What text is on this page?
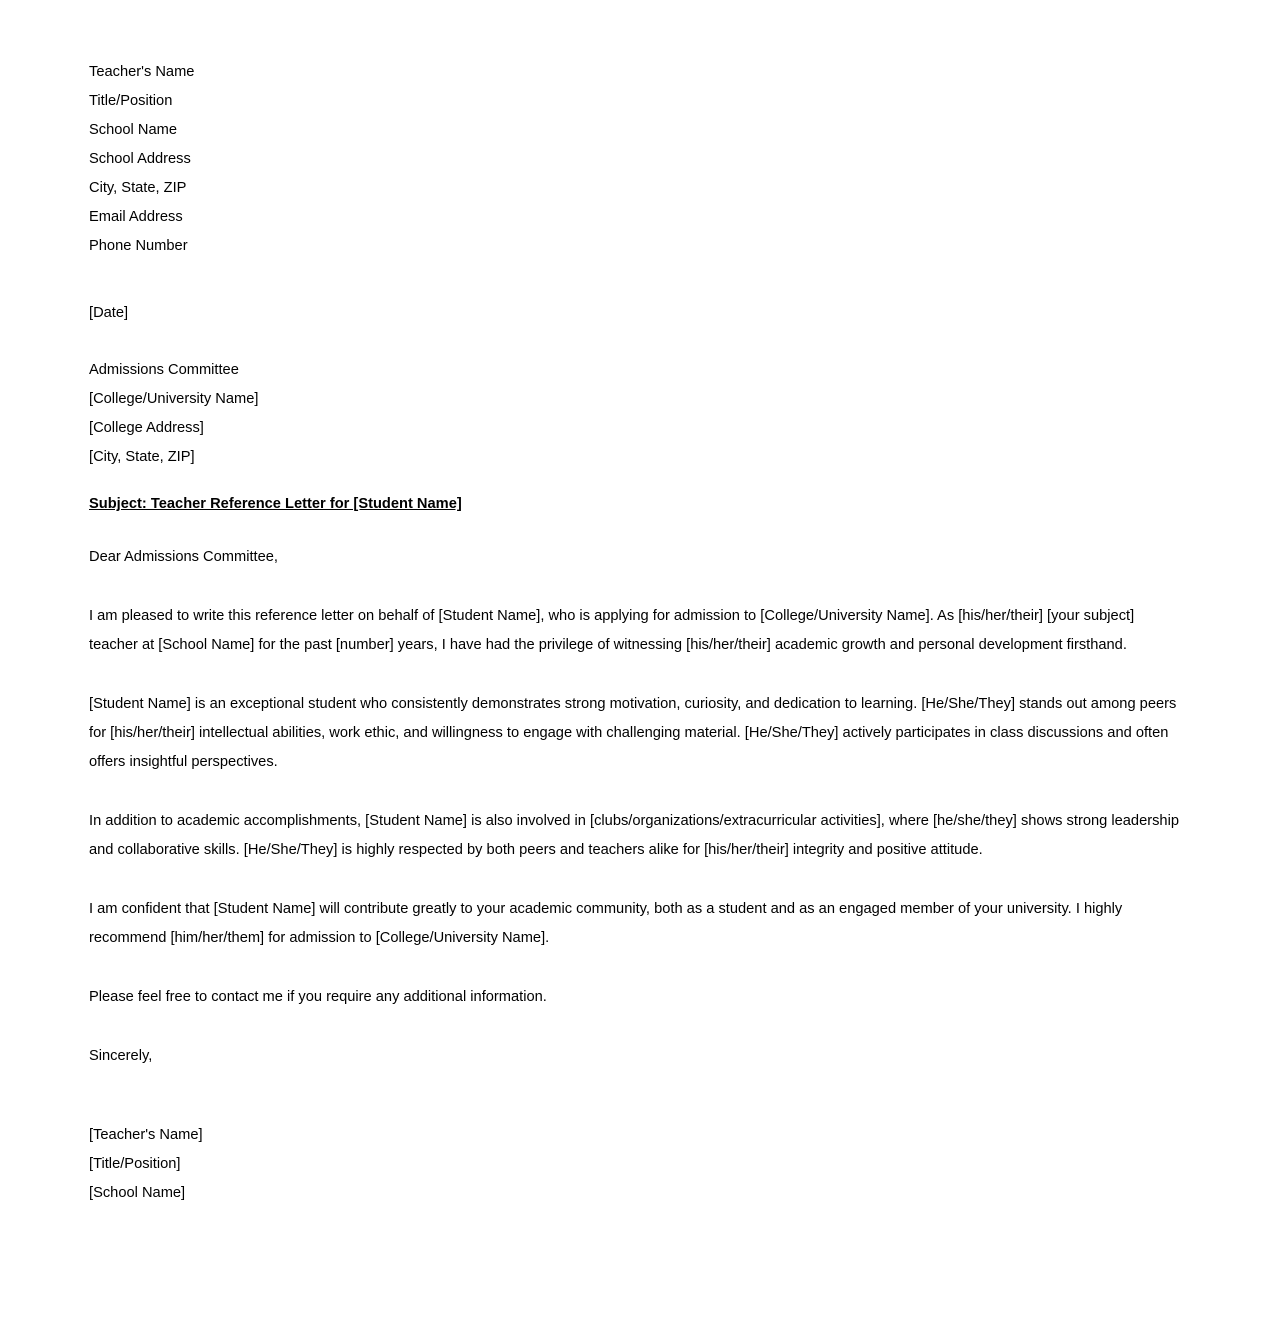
Teacher's Name
Title/Position
School Name
School Address
City, State, ZIP
Email Address
Phone Number
[Date]
Admissions Committee
[College/University Name]
[College Address]
[City, State, ZIP]
Subject: Teacher Reference Letter for [Student Name]
Dear Admissions Committee,

I am pleased to write this reference letter on behalf of [Student Name], who is applying for admission to [College/University Name]. As [his/her/their] [your subject] teacher at [School Name] for the past [number] years, I have had the privilege of witnessing [his/her/their] academic growth and personal development firsthand.

[Student Name] is an exceptional student who consistently demonstrates strong motivation, curiosity, and dedication to learning. [He/She/They] stands out among peers for [his/her/their] intellectual abilities, work ethic, and willingness to engage with challenging material. [He/She/They] actively participates in class discussions and often offers insightful perspectives.

In addition to academic accomplishments, [Student Name] is also involved in [clubs/organizations/extracurricular activities], where [he/she/they] shows strong leadership and collaborative skills. [He/She/They] is highly respected by both peers and teachers alike for [his/her/their] integrity and positive attitude.

I am confident that [Student Name] will contribute greatly to your academic community, both as a student and as an engaged member of your university. I highly recommend [him/her/them] for admission to [College/University Name].

Please feel free to contact me if you require any additional information.
Sincerely,
[Teacher's Name]
[Title/Position]
[School Name]
